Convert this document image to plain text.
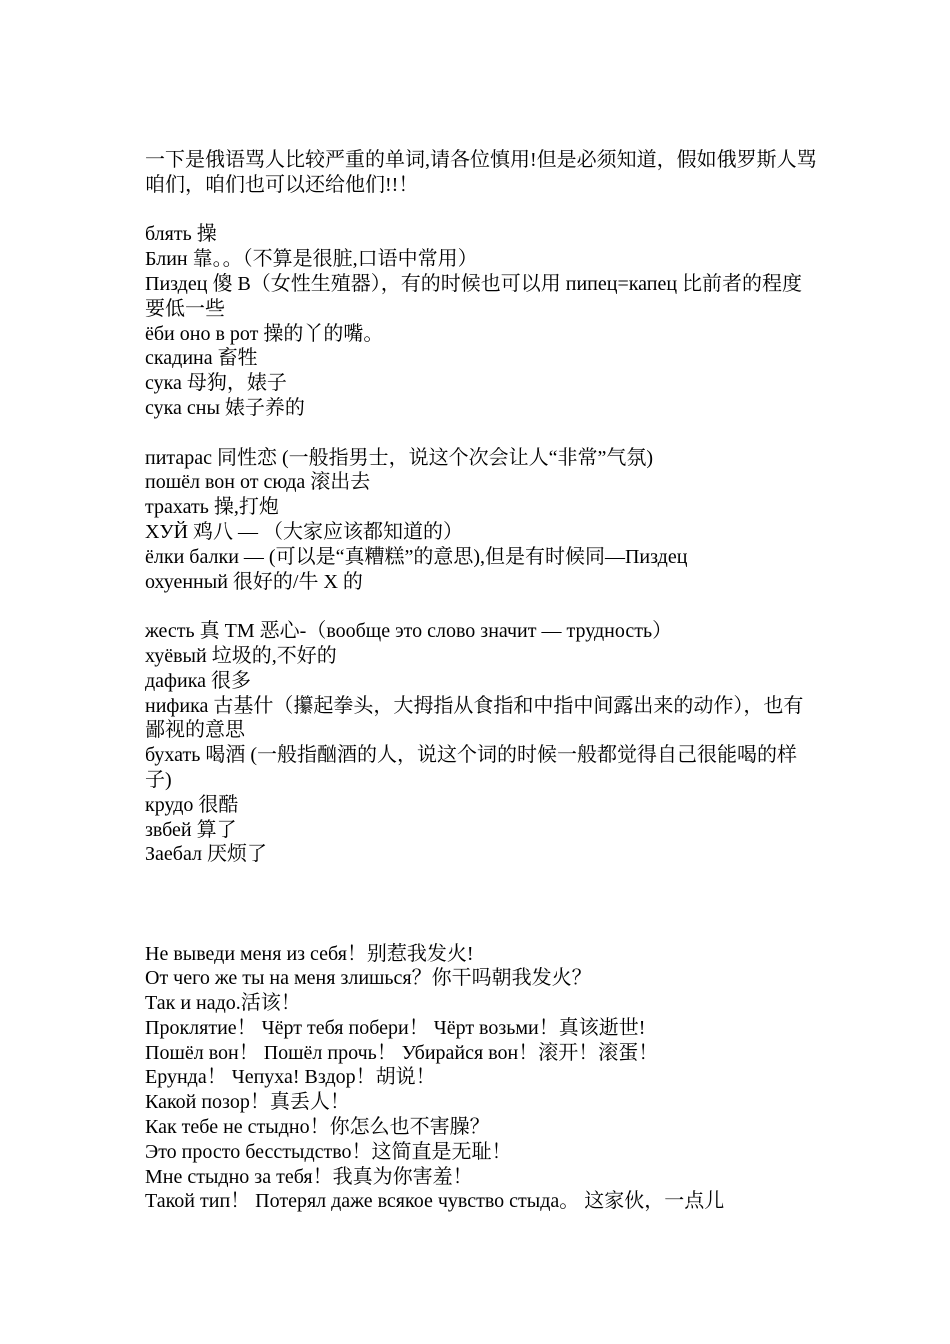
一下是俄语骂人比较严重的单词,请各位慎用!但是必须知道，假如俄罗斯人骂咱们，咱们也可以还给他们!!！
блять 操
Блин 靠。。（不算是很脏,口语中常用）
Пиздец 傻 B（女性生殖器），有的时候也可以用 пипец=капец 比前者的程度要低一些
ёби оно в рот 操的丫的嘴。
скадина 畜牲
сука 母狗，婊子
сука сны 婊子养的
питарас 同性恋 (一般指男士，说这个次会让人“非常”气氛)
пошёл вон от сюда 滚出去
трахать 操,打炮
ХУЙ 鸡八 — （大家应该都知道的）
ёлки балки — (可以是“真糟糕”的意思),但是有时候同—Пиздец
охуенный 很好的/牛 X 的
жесть 真 TM 恶心-（вообще это слово значит — трудность）
хуёвый 垃圾的,不好的
дафика 很多
нифика 古基什（攥起拳头，大拇指从食指和中指中间露出来的动作），也有鄙视的意思
бухать 喝酒 (一般指酗酒的人，说这个词的时候一般都觉得自己很能喝的样子)
крудо 很酷
звбей 算了
Заебал 厌烦了
Не выведи меня из себя！别惹我发火!
От чего же ты на меня злишься？你干吗朝我发火？
Так и надо.活该！
Проклятие！ Чёрт тебя побери！ Чёрт возьми！真该逝世!
Пошёл вон！ Пошёл прочь！ Убирайся вон！滚开！滚蛋！
Ерунда！ Чепуха! Вздор！胡说！
Какой позор！真丢人！
Как тебе не стыдно！你怎么也不害臊？
Это просто бесстыдство！这简直是无耻！
Мне стыдно за тебя！我真为你害羞！
Такой тип！ Потерял даже всякое чувство стыда。 这家伙，一点儿
